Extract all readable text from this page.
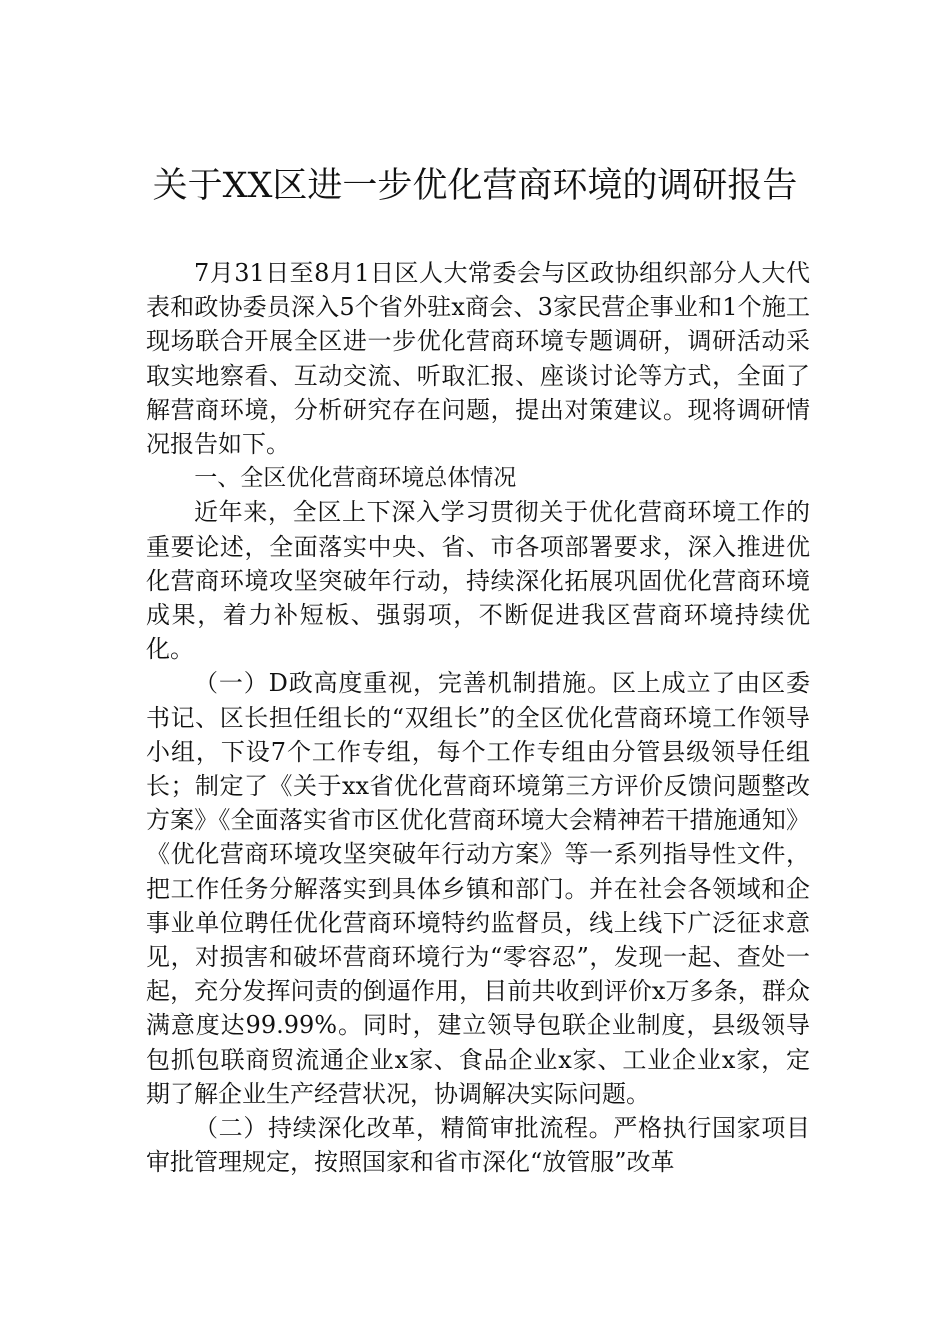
关于XX区进一步优化营商环境的调研报告

7月31日至8月1日区人大常委会与区政协组织部分人大代表和政协委员深入5个省外驻x商会、3家民营企事业和1个施工现场联合开展全区进一步优化营商环境专题调研，调研活动采取实地察看、互动交流、听取汇报、座谈讨论等方式，全面了解营商环境，分析研究存在问题，提出对策建议。现将调研情况报告如下。

一、全区优化营商环境总体情况

近年来，全区上下深入学习贯彻关于优化营商环境工作的重要论述，全面落实中央、省、市各项部署要求，深入推进优化营商环境攻坚突破年行动，持续深化拓展巩固优化营商环境成果，着力补短板、强弱项，不断促进我区营商环境持续优化。

（一）D政高度重视，完善机制措施。区上成立了由区委书记、区长担任组长的“双组长”的全区优化营商环境工作领导小组，下设7个工作专组，每个工作专组由分管县级领导任组长；制定了《关于xx省优化营商环境第三方评价反馈问题整改方案》《全面落实省市区优化营商环境大会精神若干措施通知》《优化营商环境攻坚突破年行动方案》等一系列指导性文件，把工作任务分解落实到具体乡镇和部门。并在社会各领域和企事业单位聘任优化营商环境特约监督员，线上线下广泛征求意见，对损害和破坏营商环境行为“零容忍”，发现一起、查处一起，充分发挥问责的倒逼作用，目前共收到评价x万多条，群众满意度达99.99%。同时，建立领导包联企业制度，县级领导包抓包联商贸流通企业x家、食品企业x家、工业企业x家，定期了解企业生产经营状况，协调解决实际问题。

（二）持续深化改革，精简审批流程。严格执行国家项目审批管理规定，按照国家和省市深化“放管服”改革
